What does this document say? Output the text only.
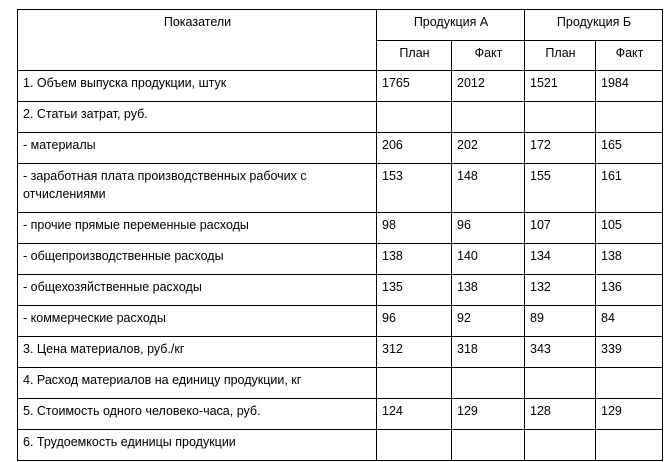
Показатели	Продукция А		Продукция Б	
	План	Факт	План	Факт
1. Объем выпуска продукции, штук	1765	2012	1521	1984
2. Статьи затрат, руб.				
- материалы	206	202	172	165
- заработная плата производственных рабочих с отчислениями	153	148	155	161
- прочие прямые переменные расходы	98	96	107	105
- общепроизводственные расходы	138	140	134	138
- общехозяйственные расходы	135	138	132	136
- коммерческие расходы	96	92	89	84
3. Цена материалов, руб./кг	312	318	343	339
4. Расход материалов на единицу продукции, кг				
5. Стоимость одного человеко-часа, руб.	124	129	128	129
6. Трудоемкость единицы продукции				
